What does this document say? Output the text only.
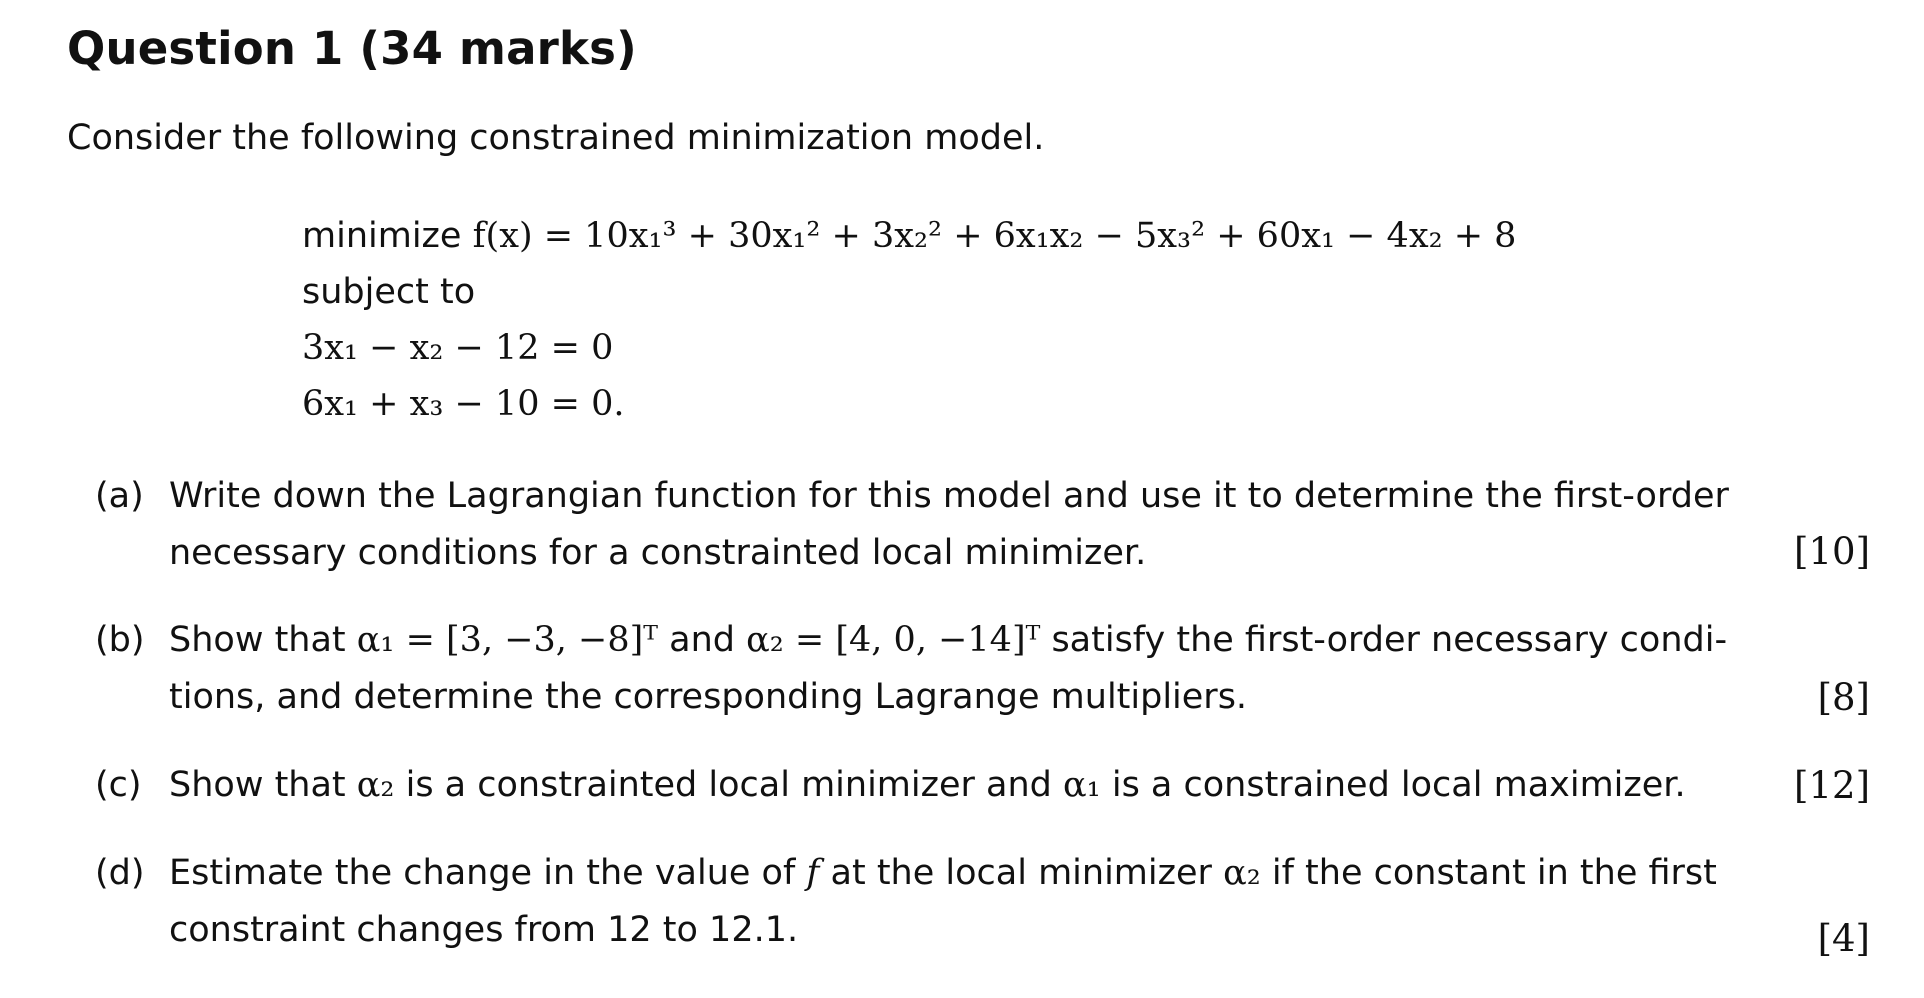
Question 1 (34 marks)
Consider the following constrained minimization model.
minimize f(x) = 10x₁³ + 30x₁² + 3x₂² + 6x₁x₂ − 5x₃² + 60x₁ − 4x₂ + 8
subject to
3x₁ − x₂ − 12 = 0
6x₁ + x₃ − 10 = 0.
(a) Write down the Lagrangian function for this model and use it to determine the first-order
necessary conditions for a constrainted local minimizer.	[10]
(b) Show that α₁ = [3, −3, −8]ᵀ and α₂ = [4, 0, −14]ᵀ satisfy the first-order necessary condi-
tions, and determine the corresponding Lagrange multipliers.	[8]
(c) Show that α₂ is a constrainted local minimizer and α₁ is a constrained local maximizer.	[12]
(d) Estimate the change in the value of f at the local minimizer α₂ if the constant in the first
constraint changes from 12 to 12.1.	[4]
